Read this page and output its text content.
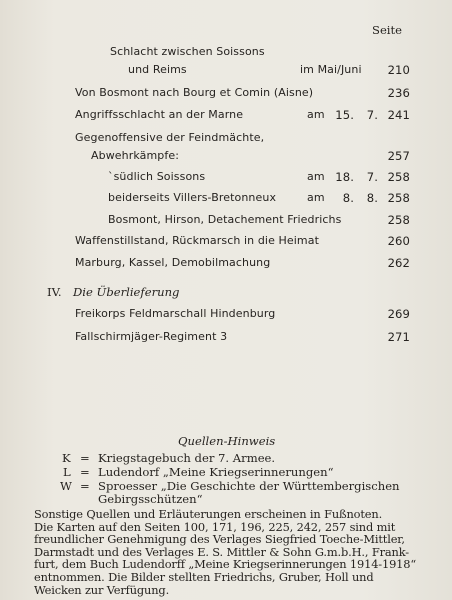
Seite
Schlacht zwischen Soissons
und Reims	im Mai/Juni	210
Von Bosmont nach Bourg et Comin (Aisne)	236
Angriffsschlacht an der Marne	am 15.	7. 241
Gegenoffensive der Feindmächte,
Abwehrkämpfe:	257
`südlich Soissons	am 18.	7. 258
beiderseits Villers-Bretonneux	am	8.	8. 258
Bosmont, Hirson, Detachement Friedrichs	258
Waffenstillstand, Rückmarsch in die Heimat	260
Marburg, Kassel, Demobilmachung	262
IV. Die Überlieferung
Freikorps Feldmarschall Hindenburg	269
Fallschirmjäger-Regiment 3	271
Quellen-Hinweis
K = Kriegstagebuch der 7. Armee.
L = Ludendorf „Meine Kriegserinnerungen“
W = Sproesser „Die Geschichte der Württembergischen
Gebirgsschützen“
Sonstige Quellen und Erläuterungen erscheinen in Fußnoten.
Die Karten auf den Seiten 100, 171, 196, 225, 242, 257 sind mit
freundlicher Genehmigung des Verlages Siegfried Toeche-Mittler,
Darmstadt und des Verlages E. S. Mittler & Sohn G.m.b.H., Frank-
furt, dem Buch Ludendorff „Meine Kriegserinnerungen 1914-1918“
entnommen. Die Bilder stellten Friedrichs, Gruber, Holl und
Weicken zur Verfügung.
